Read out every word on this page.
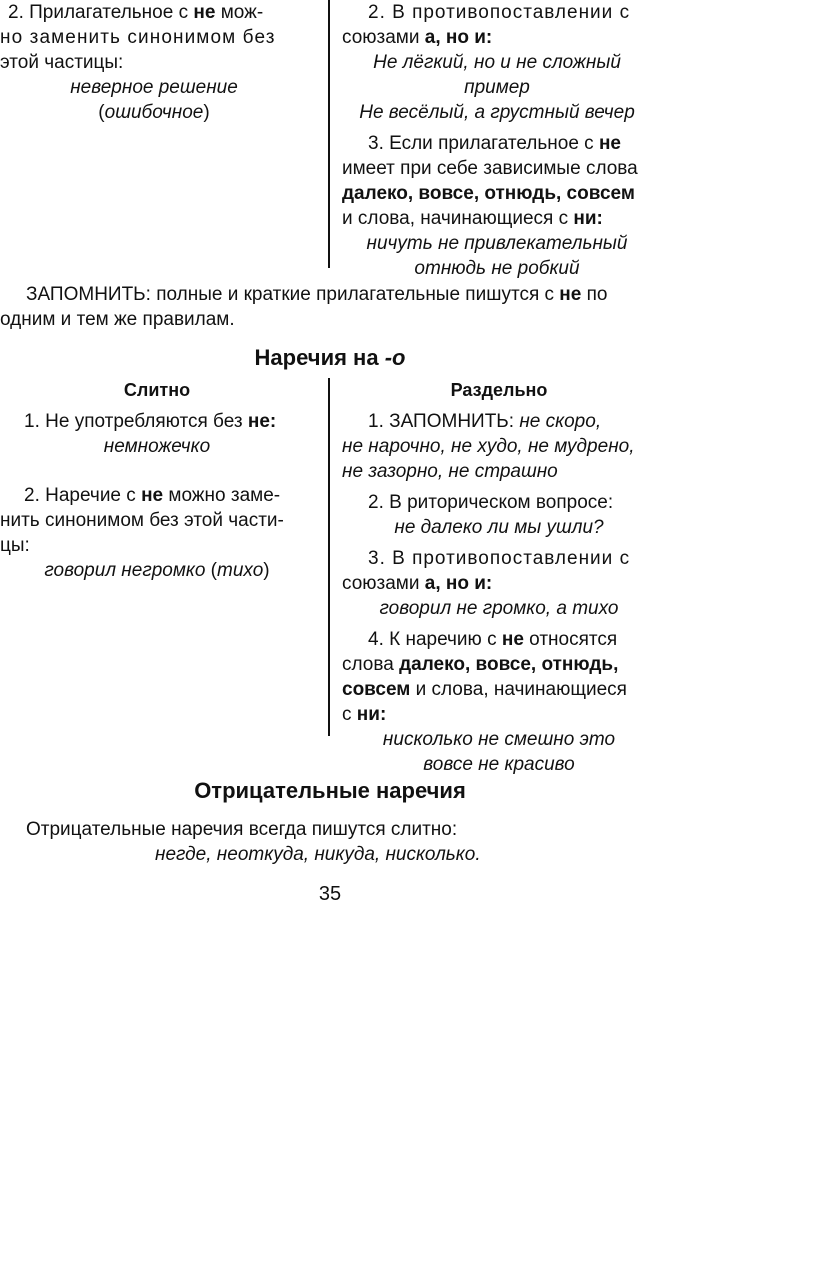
2. Прилагательное с не мож-

но заменить синонимом без

этой частицы:

неверное решение

(ошибочное)

2. В противопоставлении с

союзами а, но и:

Не лёгкий, но и не сложный

пример

Не весёлый, а грустный вечер

3. Если прилагательное с не

имеет при себе зависимые слова

далеко, вовсе, отнюдь, совсем

и слова, начинающиеся с ни:

ничуть не привлекательный

отнюдь не робкий

ЗАПОМНИТЬ: полные и краткие прилагательные пишутся с не по

одним и тем же правилам.

Наречия на -о

Слитно

1. Не употребляются без не:

немножечко

2. Наречие с не можно заме-

нить синонимом без этой части-

цы:

говорил негромко (тихо)

Раздельно

1. ЗАПОМНИТЬ: не скоро,

не нарочно, не худо, не мудрено,

не зазорно, не страшно

2. В риторическом вопросе:

не далеко ли мы ушли?

3. В противопоставлении с

союзами а, но и:

говорил не громко, а тихо

4. К наречию с не относятся

слова далеко, вовсе, отнюдь,

совсем и слова, начинающиеся

с ни:

нисколько не смешно это

вовсе не красиво

Отрицательные наречия

Отрицательные наречия всегда пишутся слитно:

негде, неоткуда, никуда, нисколько.

35
